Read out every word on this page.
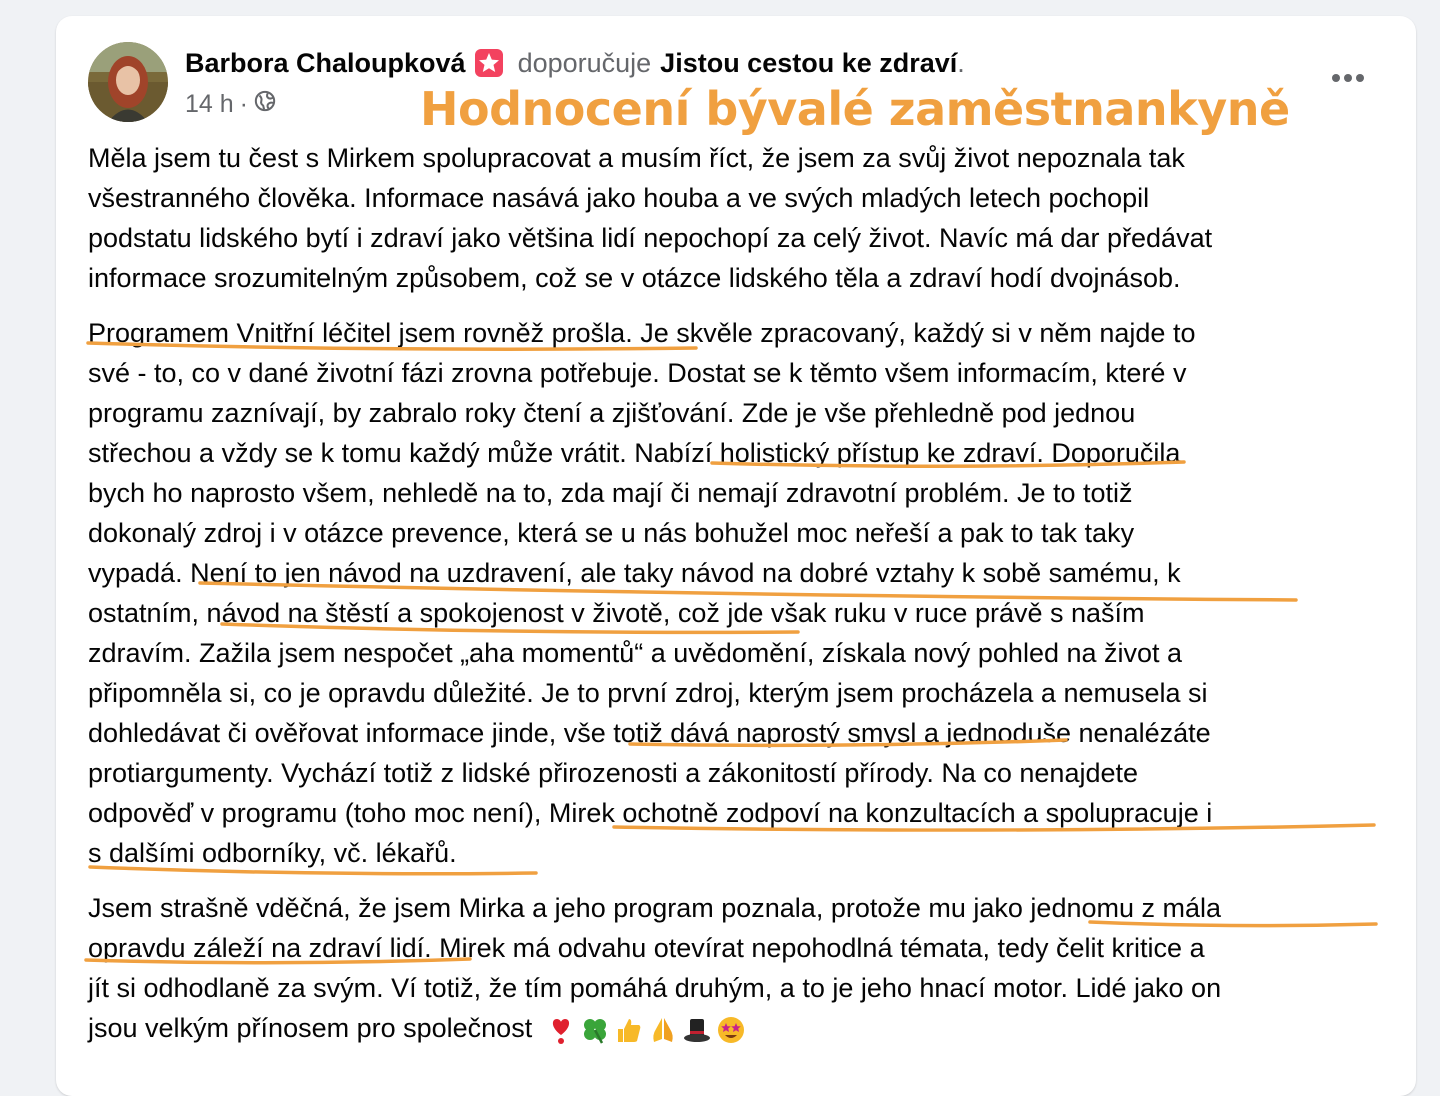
Barbora Chaloupková doporučuje Jistou cestou ke zdraví .
14 h ·	Hodnocení bývalé zaměstnankyně

Měla jsem tu čest s Mirkem spolupracovat a musím říct, že jsem za svůj život nepoznala tak
všestranného člověka. Informace nasává jako houba a ve svých mladých letech pochopil
podstatu lidského bytí i zdraví jako většina lidí nepochopí za celý život. Navíc má dar předávat
informace srozumitelným způsobem, což se v otázce lidského těla a zdraví hodí dvojnásob.

Programem Vnitřní léčitel jsem rovněž prošla. Je skvěle zpracovaný, každý si v něm najde to
své - to, co v dané životní fázi zrovna potřebuje. Dostat se k těmto všem informacím, které v
programu zaznívají, by zabralo roky čtení a zjišťování. Zde je vše přehledně pod jednou
střechou a vždy se k tomu každý může vrátit. Nabízí holistický přístup ke zdraví. Doporučila
bych ho naprosto všem, nehledě na to, zda mají či nemají zdravotní problém. Je to totiž
dokonalý zdroj i v otázce prevence, která se u nás bohužel moc neřeší a pak to tak taky
vypadá. Není to jen návod na uzdravení, ale taky návod na dobré vztahy k sobě samému, k
ostatním, návod na štěstí a spokojenost v životě, což jde však ruku v ruce právě s naším
zdravím. Zažila jsem nespočet „aha momentů“ a uvědomění, získala nový pohled na život a
připomněla si, co je opravdu důležité. Je to první zdroj, kterým jsem procházela a nemusela si
dohledávat či ověřovat informace jinde, vše totiž dává naprostý smysl a jednoduše nenalézáte
protiargumenty. Vychází totiž z lidské přirozenosti a zákonitostí přírody. Na co nenajdete
odpověď v programu (toho moc není), Mirek ochotně zodpoví na konzultacích a spolupracuje i
s dalšími odborníky, vč. lékařů.

Jsem strašně vděčná, že jsem Mirka a jeho program poznala, protože mu jako jednomu z mála
opravdu záleží na zdraví lidí. Mirek má odvahu otevírat nepohodlná témata, tedy čelit kritice a
jít si odhodlaně za svým. Ví totiž, že tím pomáhá druhým, a to je jeho hnací motor. Lidé jako on
jsou velkým přínosem pro společnost
